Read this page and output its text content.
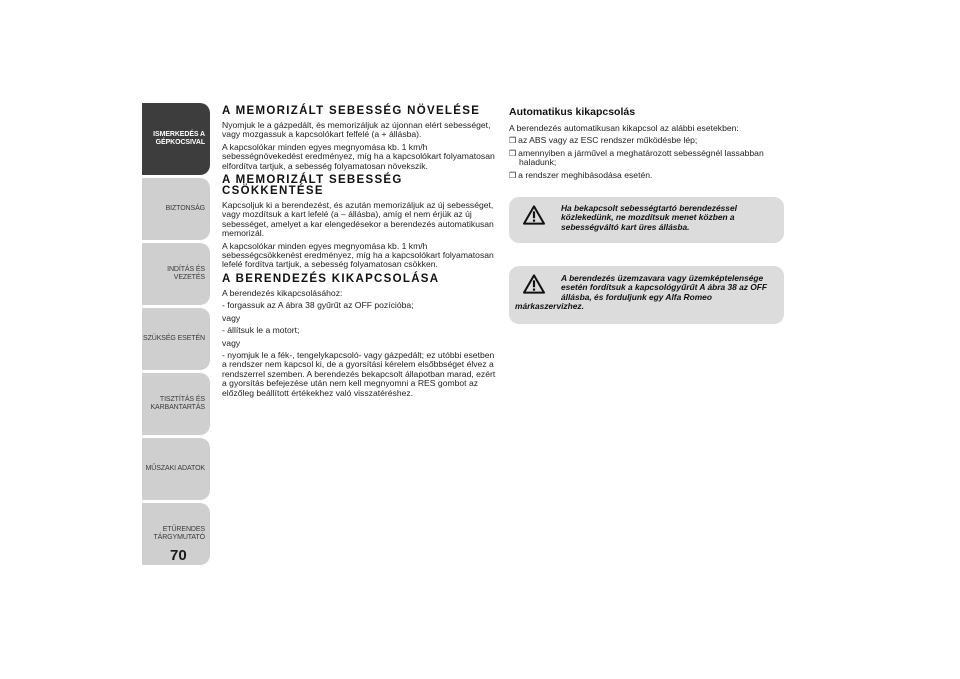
ISMERKEDÉS A GÉPKOCSIVAL
BIZTONSÁG
INDÍTÁS ÉS VEZETÉS
SZÜKSÉG ESETÉN
TISZTÍTÁS ÉS KARBANTARTÁS
MŰSZAKI ADATOK
ETŰRENDES TÁRGYMUTATÓ
70
A MEMORIZÁLT SEBESSÉG NÖVELÉSE
Nyomjuk le a gázpedált, és memorizáljuk az újonnan elért sebességet, vagy mozgassuk a kapcsolókart felfelé (a + állásba).
A kapcsolókar minden egyes megnyomása kb. 1 km/h sebességnövekedést eredményez, míg ha a kapcsolókart folyamatosan elfordítva tartjuk, a sebesség folyamatosan növekszik.
A MEMORIZÁLT SEBESSÉG CSÖKKENTÉSE
Kapcsoljuk ki a berendezést, és azután memorizáljuk az új sebességet, vagy mozdítsuk a kart lefelé (a – állásba), amíg el nem érjük az új sebességet, amelyet a kar elengedésekor a berendezés automatikusan memorizál.
A kapcsolókar minden egyes megnyomása kb. 1 km/h sebességcsökkenést eredményez, míg ha a kapcsolókart folyamatosan lefelé fordítva tartjuk, a sebesség folyamatosan csökken.
A BERENDEZÉS KIKAPCSOLÁSA
A berendezés kikapcsolásához:
- forgassuk az A ábra 38 gyűrűt az OFF pozícióba;
vagy
- állítsuk le a motort;
vagy
- nyomjuk le a fék-, tengelykapcsoló- vagy gázpedált; ez utóbbi esetben a rendszer nem kapcsol ki, de a gyorsítási kérelem elsőbbséget élvez a rendszerrel szemben. A berendezés bekapcsolt állapotban marad, ezért a gyorsítás befejezése után nem kell megnyomni a RES gombot az előzőleg beállított értékekhez való visszatéréshez.
Automatikus kikapcsolás
A berendezés automatikusan kikapcsol az alábbi esetekben:
❒ az ABS vagy az ESC rendszer működésbe lép;
❒ amennyiben a járművel a meghatározott sebességnél lassabban haladunk;
❒ a rendszer meghibásodása esetén.
Ha bekapcsolt sebességtartó berendezéssel közlekedünk, ne mozdítsuk menet közben a sebességváltó kart üres állásba.
A berendezés üzemzavara vagy üzemképtelensége esetén fordítsuk a kapcsológyűrűt A ábra 38 az OFF állásba, és forduljunk egy Alfa Romeo
márkaszervizhez.
